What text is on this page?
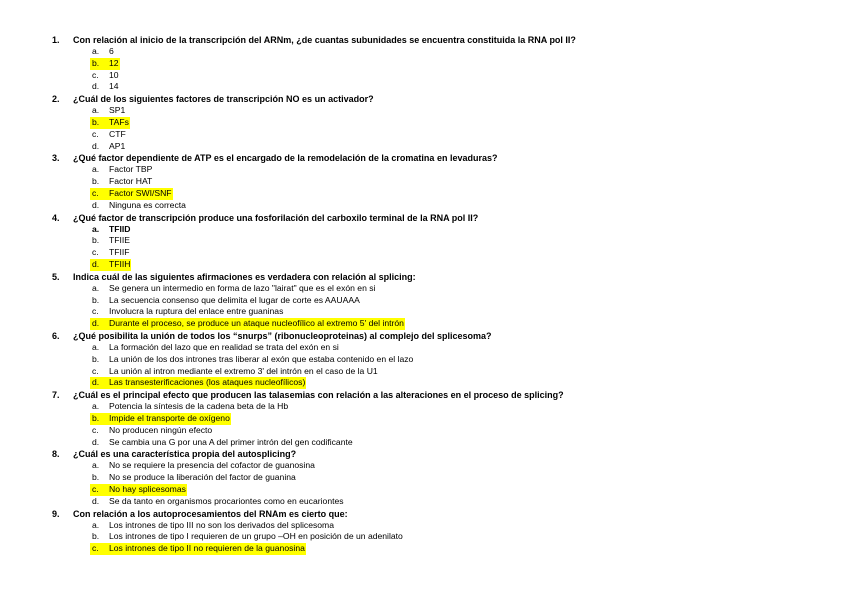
1. Con relación al inicio de la transcripción del ARNm, ¿de cuantas subunidades se encuentra constituida la RNA pol II?
a. 6
b.	12
c. 10
d. 14
2. ¿Cuál de los siguientes factores de transcripción NO es un activador?
a. SP1
b.	TAFs
c. CTF
d. AP1
3. ¿Qué factor dependiente de ATP es el encargado de la remodelación de la cromatina en levaduras?
a. Factor TBP
b. Factor HAT
c.	Factor SWI/SNF
d. Ninguna es correcta
4. ¿Qué factor de transcripción produce una fosforilación del carboxilo terminal de la RNA pol II?
a. TFIID
b. TFIIE
c. TFIIF
d.	TFIIH
5. Indica cuál de las siguientes afirmaciones es verdadera con relación al splicing:
a. Se genera un intermedio en forma de lazo "lairat" que es el exón en si
b. La secuencia consenso que delimita el lugar de corte es AAUAAA
c. Involucra la ruptura del enlace entre guaninas
d.	Durante el proceso, se produce un ataque nucleofílico al extremo 5' del intrón
6. ¿Qué posibilita la unión de todos los “snurps” (ribonucleoproteinas) al complejo del splicesoma?
a. La formación del lazo que en realidad se trata del exón en si
b. La unión de los dos intrones tras liberar al exón que estaba contenido en el lazo
c. La unión al intron mediante el extremo 3' del intrón en el caso de la U1
d.	Las transesterificaciones (los ataques nucleofílicos)
7. ¿Cuál es el principal efecto que producen las talasemias con relación a las alteraciones en el proceso de splicing?
a. Potencia la síntesis de la cadena beta de la Hb
b.	Impide el transporte de oxígeno
c. No producen ningún efecto
d. Se cambia una G por una A del primer intrón del gen codificante
8. ¿Cuál es una característica propia del autosplicing?
a. No se requiere la presencia del cofactor de guanosina
b. No se produce la liberación del factor de guanina
c.	No hay splicesomas
d. Se da tanto en organismos procariontes como en eucariontes
9. Con relación a los autoprocesamientos del RNAm es cierto que:
a. Los intrones de tipo III no son los derivados del splicesoma
b. Los intrones de tipo I requieren de un grupo –OH en posición de un adenilato
c.	Los intrones de tipo II no requieren de la guanosina
